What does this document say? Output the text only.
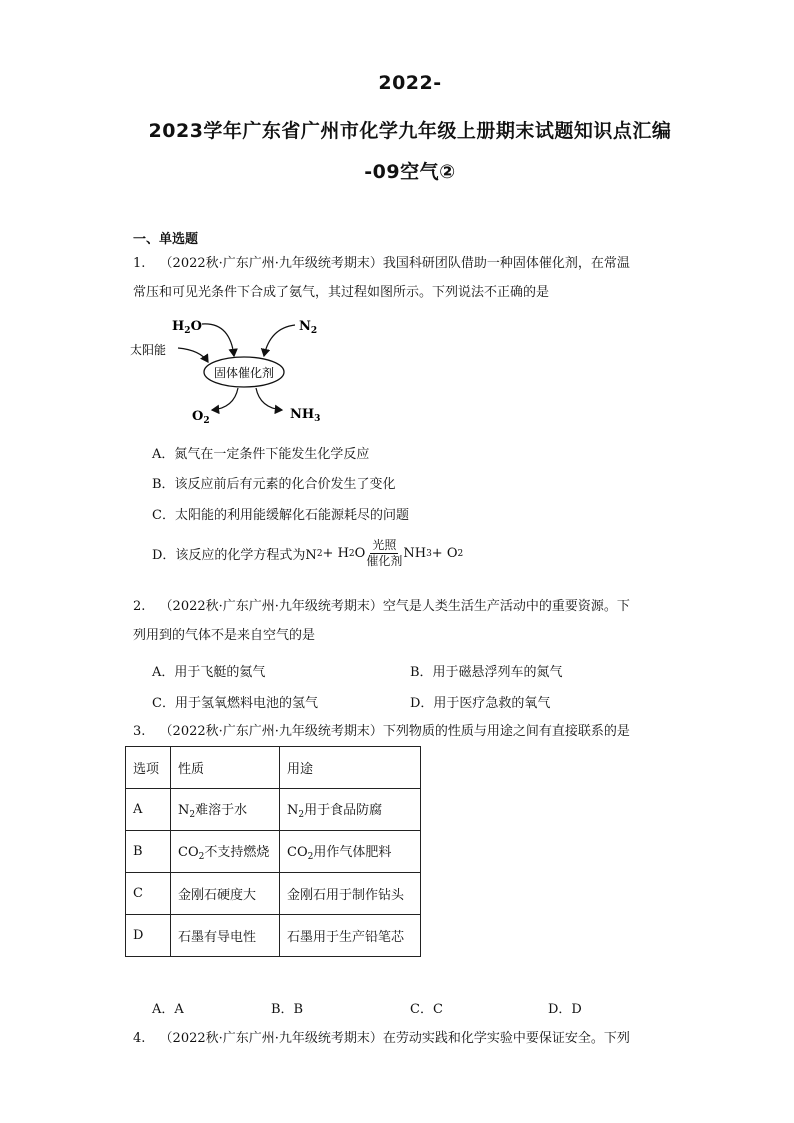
2022-
2023学年广东省广州市化学九年级上册期末试题知识点汇编
-09空气②
一、单选题
1. （2022秋·广东广州·九年级统考期末）我国科研团队借助一种固体催化剂，在常温
常压和可见光条件下合成了氨气，其过程如图所示。下列说法不正确的是
$H_2O$	$N_2$
太阳能
固体催化剂
$O_2$	$NH_3$
A．氮气在一定条件下能发生化学反应
B．该反应前后有元素的化合价发生了变化
C．太阳能的利用能缓解化石能源耗尽的问题
D．该反应的化学方程式为N 2 + H 2 O $\frac{\text{光照}}{\text{催化剂}}$ NH 3 + O 2
2. （2022秋·广东广州·九年级统考期末）空气是人类生活生产活动中的重要资源。下
列用到的气体不是来自空气的是
A．用于飞艇的氦气	B．用于磁悬浮列车的氮气
C．用于氢氧燃料电池的氢气	D．用于医疗急救的氧气
3. （2022秋·广东广州·九年级统考期末）下列物质的性质与用途之间有直接联系的是
选项	性质	用途
A	$N_2$难溶于水	$N_2$用于食品防腐
B	$CO_2$不支持燃烧	$CO_2$用作气体肥料
C	金刚石硬度大	金刚石用于制作钻头
D	石墨有导电性	石墨用于生产铅笔芯
A．A	B．B	C．C	D．D
4. （2022秋·广东广州·九年级统考期末）在劳动实践和化学实验中要保证安全。下列
